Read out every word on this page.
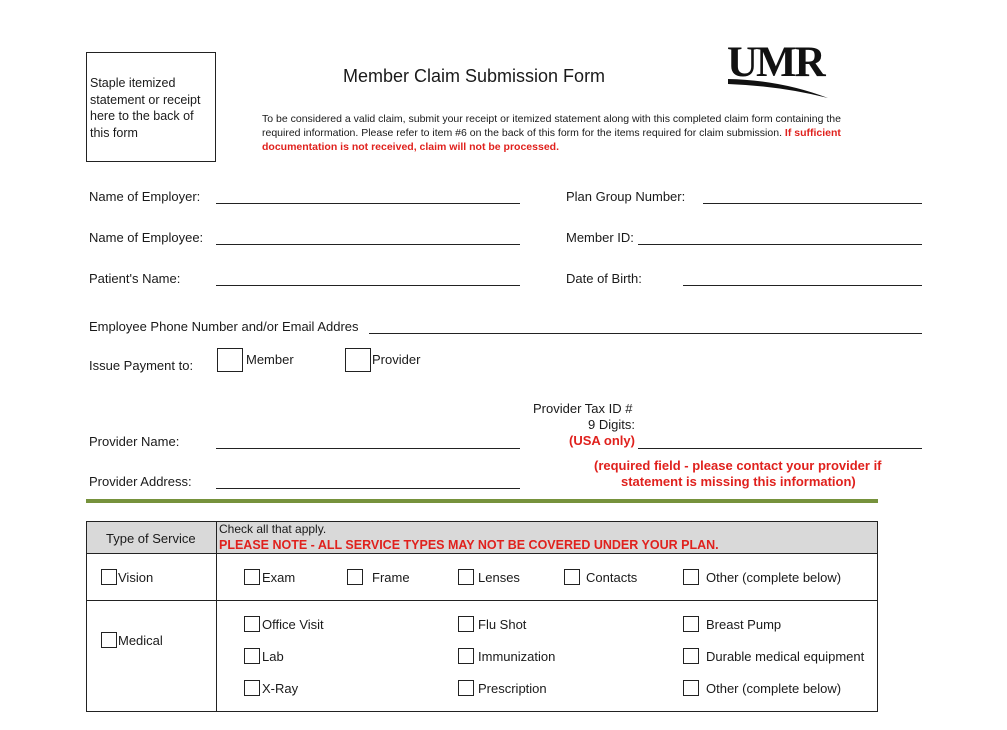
Staple itemized statement or receipt here to the back of this form
Member Claim Submission Form	UMR
To be considered a valid claim, submit your receipt or itemized statement along with this completed claim form containing the required information. Please refer to item #6 on the back of this form for the items required for claim submission. If sufficient documentation is not received, claim will not be processed.
Name of Employer:	Plan Group Number:
Name of Employee:	Member ID:
Patient's Name:	Date of Birth:
Employee Phone Number and/or Email Addres
Issue Payment to:	Member	Provider
Provider Tax ID #
9 Digits:
(USA only)
Provider Name:
Provider Address:
(required field - please contact your provider if
statement is missing this information)
Type of Service
Check all that apply.
PLEASE NOTE - ALL SERVICE TYPES MAY NOT BE COVERED UNDER YOUR PLAN.
Vision	Exam	Frame	Lenses	Contacts	Other (complete below)
Medical
Office Visit	Flu Shot	Breast Pump
Lab	Immunization	Durable medical equipment
X-Ray	Prescription	Other (complete below)
